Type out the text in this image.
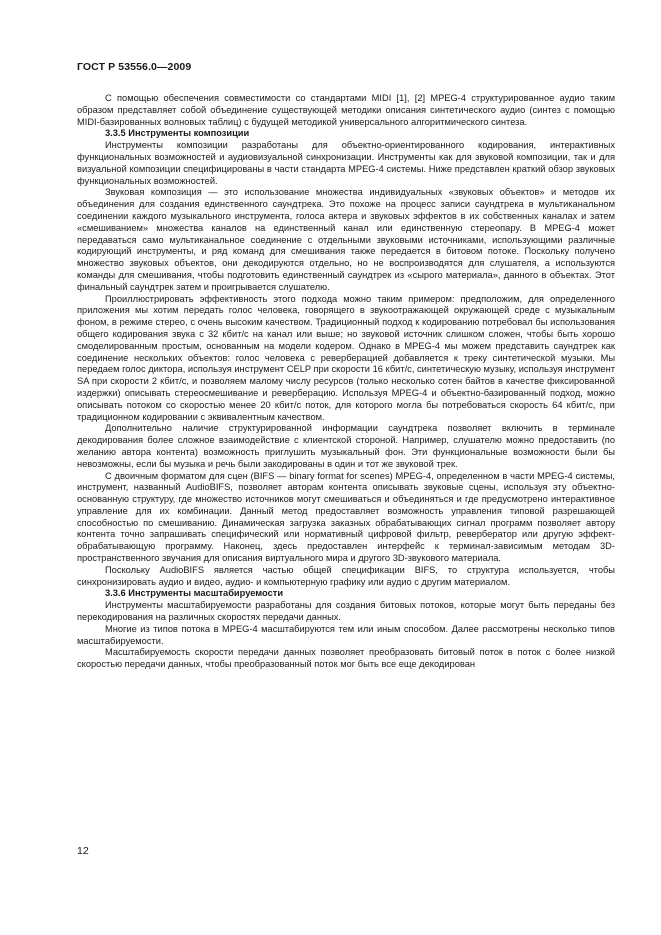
ГОСТ Р 53556.0—2009

С помощью обеспечения совместимости со стандартами MIDI [1], [2] MPEG-4 структурированное аудио таким образом представляет собой объединение существующей методики описания синтетического аудио (синтез с помощью MIDI-базированных волновых таблиц) с будущей методикой универсального алгоритмического синтеза.

3.3.5 Инструменты композиции

Инструменты композиции разработаны для объектно-ориентированного кодирования, интерактивных функциональных возможностей и аудиовизуальной синхронизации. Инструменты как для звуковой композиции, так и для визуальной композиции специфицированы в части стандарта MPEG-4 системы. Ниже представлен краткий обзор звуковых функциональных возможностей.

Звуковая композиция — это использование множества индивидуальных «звуковых объектов» и методов их объединения для создания единственного саундтрека. Это похоже на процесс записи саундтрека в мультиканальном соединении каждого музыкального инструмента, голоса актера и звуковых эффектов в их собственных каналах и затем «смешиванием» множества каналов на единственный канал или единственную стереопару. В MPEG-4 может передаваться само мультиканальное соединение с отдельными звуковыми источниками, использующими различные кодирующий инструменты, и ряд команд для смешивания также передается в битовом потоке. Поскольку получено множество звуковых объектов, они декодируются отдельно, но не воспроизводятся для слушателя, а используются команды для смешивания, чтобы подготовить единственный саундтрек из «сырого материала», данного в объектах. Этот финальный саундтрек затем и проигрывается слушателю.

Проиллюстрировать эффективность этого подхода можно таким примером: предположим, для определенного приложения мы хотим передать голос человека, говорящего в звукоотражающей окружающей среде с музыкальным фоном, в режиме стерео, с очень высоким качеством. Традиционный подход к кодированию потребовал бы использования общего кодирования звука с 32 кбит/с на канал или выше; но звуковой источник слишком сложен, чтобы быть хорошо смоделированным простым, основанным на модели кодером. Однако в MPEG-4 мы можем представить саундтрек как соединение нескольких объектов: голос человека с реверберацией добавляется к треку синтетической музыки. Мы передаем голос диктора, используя инструмент CELP при скорости 16 кбит/с, синтетическую музыку, используя инструмент SA при скорости 2 кбит/с, и позволяем малому числу ресурсов (только несколько сотен байтов в качестве фиксированной издержки) описывать стереосмешивание и реверберацию. Используя MPEG-4 и объектно-базированный подход, можно описывать потоком со скоростью менее 20 кбит/с поток, для которого могла бы потребоваться скорость 64 кбит/с, при традиционном кодировании с эквивалентным качеством.

Дополнительно наличие структурированной информации саундтрека позволяет включить в терминале декодирования более сложное взаимодействие с клиентской стороной. Например, слушателю можно предоставить (по желанию автора контента) возможность приглушить музыкальный фон. Эти функциональные возможности были бы невозможны, если бы музыка и речь были закодированы в один и тот же звуковой трек.

С двоичным форматом для сцен (BIFS — binary format for scenes) MPEG-4, определенном в части MPEG-4 системы, инструмент, названный AudioBIFS, позволяет авторам контента описывать звуковые сцены, используя эту объектно-основанную структуру, где множество источников могут смешиваться и объединяться и где предусмотрено интерактивное управление для их комбинации. Данный метод предоставляет возможность управления типовой разрешающей способностью по смешиванию. Динамическая загрузка заказных обрабатывающих сигнал программ позволяет автору контента точно запрашивать специфический или нормативный цифровой фильтр, ревербератор или другую эффект-обрабатывающую программу. Наконец, здесь предоставлен интерфейс к терминал-зависимым методам 3D-пространственного звучания для описания виртуального мира и другого 3D-звукового материала.

Поскольку AudioBIFS является частью общей спецификации BIFS, то структура используется, чтобы синхронизировать аудио и видео, аудио- и компьютерную графику или аудио с другим материалом.

3.3.6 Инструменты масштабируемости

Инструменты масштабируемости разработаны для создания битовых потоков, которые могут быть переданы без перекодирования на различных скоростях передачи данных.

Многие из типов потока в MPEG-4 масштабируются тем или иным способом. Далее рассмотрены несколько типов масштабируемости.

Масштабируемость скорости передачи данных позволяет преобразовать битовый поток в поток с более низкой скоростью передачи данных, чтобы преобразованный поток мог быть все еще декодирован

12
